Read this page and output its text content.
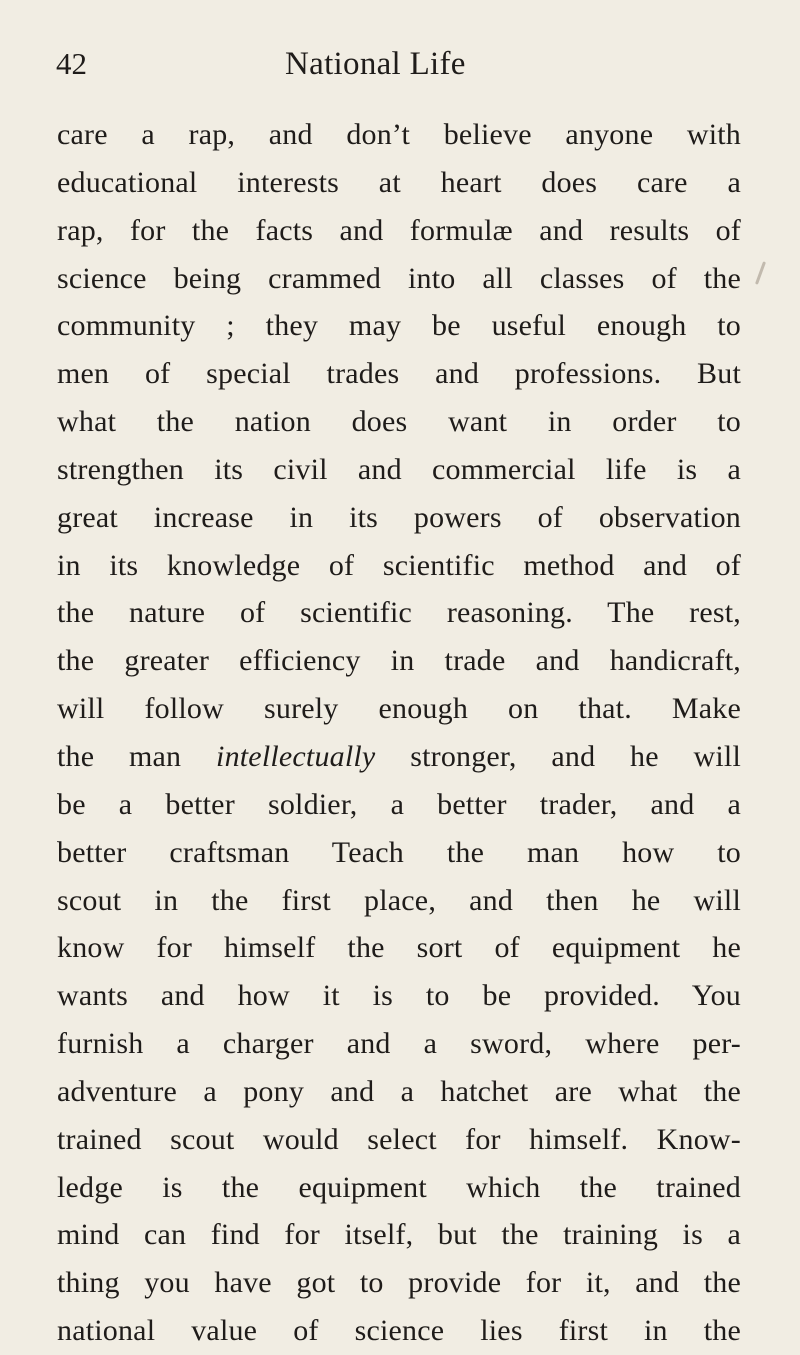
42	National Life
care a rap, and don’t believe anyone with
educational interests at heart does care a
rap, for the facts and formulæ and results of
science being crammed into all classes of the
community ; they may be useful enough to
men of special trades and professions. But
what the nation does want in order to
strengthen its civil and commercial life is a
great increase in its powers of observation
in its knowledge of scientific method and of
the nature of scientific reasoning. The rest,
the greater efficiency in trade and handicraft,
will follow surely enough on that. Make
the man intellectually stronger, and he will
be a better soldier, a better trader, and a
better craftsman Teach the man how to
scout in the first place, and then he will
know for himself the sort of equipment he
wants and how it is to be provided. You
furnish a charger and a sword, where per-
adventure a pony and a hatchet are what the
trained scout would select for himself. Know-
ledge is the equipment which the trained
mind can find for itself, but the training is a
thing you have got to provide for it, and the
national value of science lies first in the
